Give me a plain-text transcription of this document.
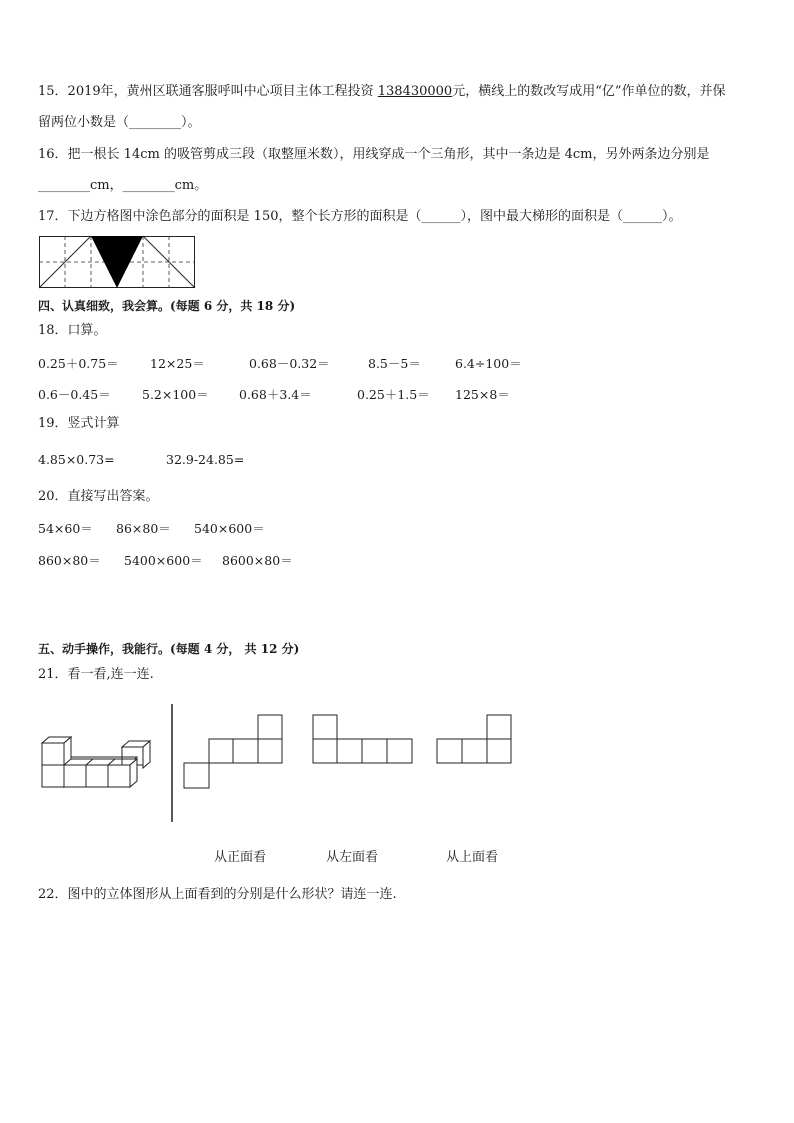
15．2019年，黄州区联通客服呼叫中心项目主体工程投资 138430000元，横线上的数改写成用“亿”作单位的数，并保
留两位小数是（________）。
16．把一根长 14cm 的吸管剪成三段（取整厘米数），用线穿成一个三角形，其中一条边是 4cm，另外两条边分别是
________cm，________cm。
17．下边方格图中涂色部分的面积是 150，整个长方形的面积是（______），图中最大梯形的面积是（______）。
四、认真细致，我会算。(每题 6 分，共 18 分)
18．口算。
0.25＋0.75＝	12×25＝	0.68－0.32＝	8.5－5＝	6.4÷100＝
0.6－0.45＝	5.2×100＝ 0.68＋3.4＝	0.25＋1.5＝ 125×8＝
19．竖式计算
4.85×0.73=	32.9-24.85=
20．直接写出答案。
54×60＝ 86×80＝ 540×600＝
860×80＝ 5400×600＝ 8600×80＝
五、动手操作，我能行。(每题 4 分， 共 12 分)
21．看一看,连一连.
从正面看	从左面看	从上面看
22．图中的立体图形从上面看到的分别是什么形状？请连一连.
